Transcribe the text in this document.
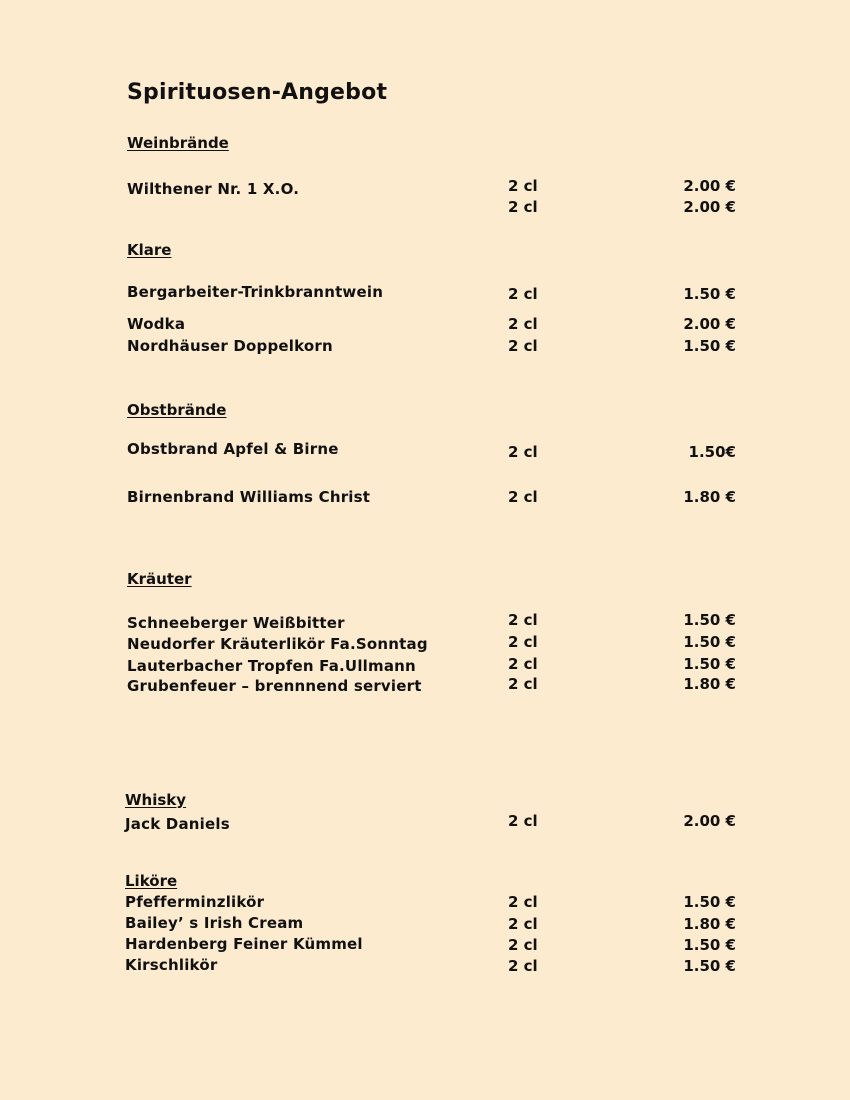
Spirituosen-Angebot
Weinbrände
Wilthener Nr. 1 X.O.	2 cl	2.00 €
2 cl	2.00 €
Klare
Bergarbeiter-Trinkbranntwein	2 cl	1.50 €
Wodka	2 cl	2.00 €
Nordhäuser Doppelkorn	2 cl	1.50 €
Obstbrände
Obstbrand Apfel & Birne	2 cl	1.50€
Birnenbrand Williams Christ	2 cl	1.80 €
Kräuter
Schneeberger Weißbitter	2 cl	1.50 €
Neudorfer Kräuterlikör Fa.Sonntag	2 cl	1.50 €
Lauterbacher Tropfen Fa.Ullmann	2 cl	1.50 €
Grubenfeuer – brennnend serviert	2 cl	1.80 €
Whisky
Jack Daniels	2 cl	2.00 €
Liköre
Pfefferminzlikör	2 cl	1.50 €
Bailey’ s Irish Cream	2 cl	1.80 €
Hardenberg Feiner Kümmel	2 cl	1.50 €
Kirschlikör	2 cl	1.50 €
